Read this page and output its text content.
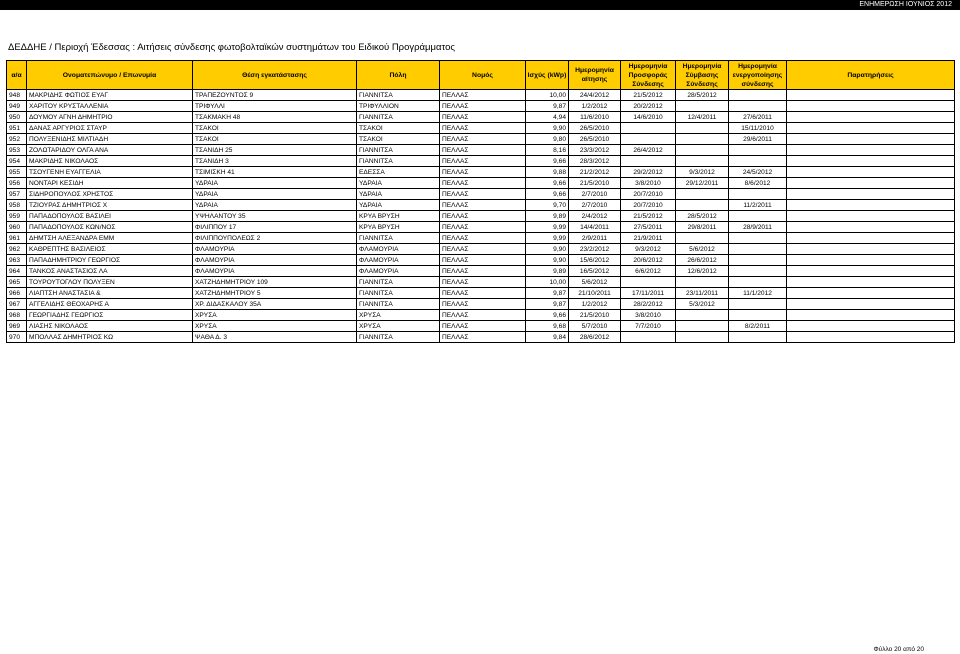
ΕΝΗΜΕΡΩΣΗ ΙΟΥΝΙΟΣ 2012
ΔΕΔΔΗΕ / Περιοχή Έδεσσας : Αιτήσεις σύνδεσης φωτοβολταϊκών συστημάτων του Ειδικού Προγράμματος
α/α	Ονοματεπώνυμο / Επωνυμία	Θέση εγκατάστασης	Πόλη	Νομός	Ισχύς (kWp)	Ημερομηνία αίτησης	Ημερομηνία Προσφοράς Σύνδεσης	Ημερομηνία Σύμβασης Σύνδεσης	Ημερομηνία ενεργοποίησης σύνδεσης	Παρατηρήσεις
948	ΜΑΚΡΙΔΗΣ ΦΩΤΙΟΣ ΕΥΑΓ	ΤΡΑΠΕΖΟΥΝΤΟΣ 9	ΓΙΑΝΝΙΤΣΑ	ΠΕΛΛΑΣ	10,00	24/4/2012	21/5/2012	28/5/2012		
949	ΧΑΡΙΤΟΥ ΚΡΥΣΤΑΛΛΕΝΙΑ	ΤΡΙΦΥΛΛΙ	ΤΡΙΦΥΛΛΙΟΝ	ΠΕΛΛΑΣ	9,87	1/2/2012	20/2/2012			
950	ΔΟΥΜΟΥ ΑΓΝΗ ΔΗΜΗΤΡΙΟ	ΤΣΑΚΜΑΚΗ 48	ΓΙΑΝΝΙΤΣΑ	ΠΕΛΛΑΣ	4,94	11/6/2010	14/6/2010	12/4/2011	27/6/2011	
951	ΔΑΝΑΣ ΑΡΓΥΡΙΟΣ ΣΤΑΥΡ	ΤΣΑΚΟΙ	ΤΣΑΚΟΙ	ΠΕΛΛΑΣ	9,90	26/5/2010			15/11/2010	
952	ΠΟΛΥΞΕΝΙΔΗΣ ΜΙΛΤΙΑΔΗ	ΤΣΑΚΟΙ	ΤΣΑΚΟΙ	ΠΕΛΛΑΣ	9,80	26/5/2010			29/6/2011	
953	ΖΟΛΩΤΑΡΙΔΟΥ ΟΛΓΑ ΑΝΑ	ΤΣΑΝΙΔΗ 25	ΓΙΑΝΝΙΤΣΑ	ΠΕΛΛΑΣ	8,16	23/3/2012	26/4/2012			
954	ΜΑΚΡΙΔΗΣ ΝΙΚΟΛΑΟΣ	ΤΣΑΝΙΔΗ 3	ΓΙΑΝΝΙΤΣΑ	ΠΕΛΛΑΣ	9,66	28/3/2012				
955	ΤΣΟΥΓΕΝΗ ΕΥΑΓΓΕΛΙΑ	ΤΣΙΜΙΣΚΗ 41	ΕΔΕΣΣΑ	ΠΕΛΛΑΣ	9,88	21/2/2012	29/2/2012	9/3/2012	24/5/2012	
956	ΝΟΝΤΑΡΙ ΚΕΣΙΔΗ	ΥΔΡΑΙΑ	ΥΔΡΑΙΑ	ΠΕΛΛΑΣ	9,66	21/5/2010	3/8/2010	29/12/2011	8/6/2012	
957	ΣΙΔΗΡΟΠΟΥΛΟΣ ΧΡΗΣΤΟΣ	ΥΔΡΑΙΑ	ΥΔΡΑΙΑ	ΠΕΛΛΑΣ	9,66	2/7/2010	20/7/2010			
958	ΤΖΙΟΥΡΑΣ ΔΗΜΗΤΡΙΟΣ Χ	ΥΔΡΑΙΑ	ΥΔΡΑΙΑ	ΠΕΛΛΑΣ	9,70	2/7/2010	20/7/2010		11/2/2011	
959	ΠΑΠΑΔΟΠΟΥΛΟΣ ΒΑΣΙΛΕΙ	ΥΨΗΛΑΝΤΟΥ 35	ΚΡΥΑ ΒΡΥΣΗ	ΠΕΛΛΑΣ	9,89	2/4/2012	21/5/2012	28/5/2012		
960	ΠΑΠΑΔΟΠΟΥΛΟΣ ΚΩΝ/ΝΟΣ	ΦΙΛΙΠΠΟΥ 17	ΚΡΥΑ ΒΡΥΣΗ	ΠΕΛΛΑΣ	9,99	14/4/2011	27/5/2011	29/8/2011	28/9/2011	
961	ΔΗΜΤΣΗ ΑΛΕΞΑΝΔΡΑ ΕΜΜ	ΦΙΛΙΠΠΟΥΠΟΛΕΩΣ 2	ΓΙΑΝΝΙΤΣΑ	ΠΕΛΛΑΣ	9,99	2/9/2011	21/9/2011			
962	ΚΑΘΡΕΠΤΗΣ ΒΑΣΙΛΕΙΟΣ	ΦΛΑΜΟΥΡΙΑ	ΦΛΑΜΟΥΡΙΑ	ΠΕΛΛΑΣ	9,90	23/2/2012	9/3/2012	5/6/2012		
963	ΠΑΠΑΔΗΜΗΤΡΙΟΥ ΓΕΩΡΓΙΟΣ	ΦΛΑΜΟΥΡΙΑ	ΦΛΑΜΟΥΡΙΑ	ΠΕΛΛΑΣ	9,90	15/6/2012	20/6/2012	26/6/2012		
964	ΤΑΝΚΟΣ ΑΝΑΣΤΑΣΙΟΣ ΛΑ	ΦΛΑΜΟΥΡΙΑ	ΦΛΑΜΟΥΡΙΑ	ΠΕΛΛΑΣ	9,89	16/5/2012	6/6/2012	12/6/2012		
965	ΤΟΥΡΟΥΤΟΓΛΟΥ ΠΟΛΥΞΕΝ	ΧΑΤΖΗΔΗΜΗΤΡΙΟΥ 109	ΓΙΑΝΝΙΤΣΑ	ΠΕΛΛΑΣ	10,00	5/6/2012				
966	ΛΙΑΠΤΣΗ ΑΝΑΣΤΑΣΙΑ &	ΧΑΤΖΗΔΗΜΗΤΡΙΟΥ 5	ΓΙΑΝΝΙΤΣΑ	ΠΕΛΛΑΣ	9,87	21/10/2011	17/11/2011	23/11/2011	11/1/2012	
967	ΑΓΓΕΛΙΔΗΣ ΘΕΟΧΑΡΗΣ Α	ΧΡ. ΔΙΔΑΣΚΑΛΟΥ 35Α	ΓΙΑΝΝΙΤΣΑ	ΠΕΛΛΑΣ	9,87	1/2/2012	28/2/2012	5/3/2012		
968	ΓΕΩΡΓΙΑΔΗΣ ΓΕΩΡΓΙΟΣ	ΧΡΥΣΑ	ΧΡΥΣΑ	ΠΕΛΛΑΣ	9,66	21/5/2010	3/8/2010			
969	ΛΙΑΣΗΣ ΝΙΚΟΛΑΟΣ	ΧΡΥΣΑ	ΧΡΥΣΑ	ΠΕΛΛΑΣ	9,68	5/7/2010	7/7/2010		8/2/2011	
970	ΜΠΟΛΛΑΣ ΔΗΜΗΤΡΙΟΣ ΚΩ	ΨΑΘΑ Δ. 3	ΓΙΑΝΝΙΤΣΑ	ΠΕΛΛΑΣ	9,84	28/6/2012				
Φύλλο 20 από 20
